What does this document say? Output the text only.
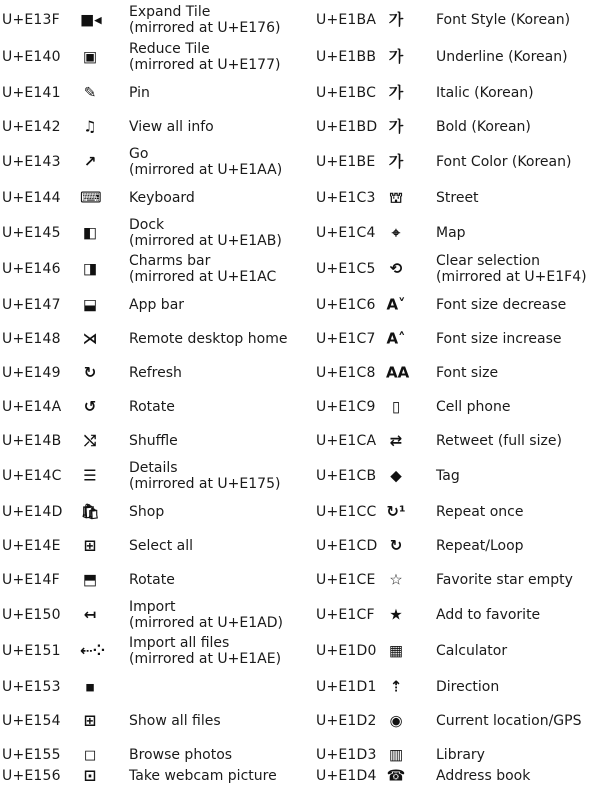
U+E13F ■◂ Expand Tile
(mirrored at U+E176)
U+E140 ▣ Reduce Tile
(mirrored at U+E177)
U+E141 ✎ Pin
U+E142 ♫ View all info
U+E143 ↗ Go
(mirrored at U+E1AA)
U+E144 ⌨ Keyboard
U+E145 ◧ Dock
(mirrored at U+E1AB)
U+E146 ◨ Charms bar
(mirrored at U+E1AC
U+E147 ⬓ App bar
U+E148 ⋊ Remote desktop home
U+E149 ↻ Refresh
U+E14A ↺ Rotate
U+E14B ⤭ Shuffle
U+E14C ☰ Details
(mirrored at U+E175)
U+E14D 🛍 Shop
U+E14E ⊞ Select all
U+E14F ⬒ Rotate
U+E150 ↤ Import
(mirrored at U+E1AD)
U+E151 ⇠⁘ Import all files
(mirrored at U+E1AE)
U+E153	▪
U+E154 ⊞ Show all files
U+E155 ◻ Browse photos
U+E156 ⊡ Take webcam picture
U+E1BA 가 Font Style (Korean)
U+E1BB 가 Underline (Korean)
U+E1BC 가 Italic (Korean)
U+E1BD 가 Bold (Korean)
U+E1BE 가 Font Color (Korean)
U+E1C3 ⛫ Street
U+E1C4	⌖	Map
U+E1C5 ⟲ Clear selection
(mirrored at U+E1F4)
U+E1C6 A˅ Font size decrease
U+E1C7 A˄ Font size increase
U+E1C8 AA Font size
U+E1C9	▯	Cell phone
U+E1CA ⇄ Retweet (full size)
U+E1CB ◆	Tag
U+E1CC ↻¹ Repeat once
U+E1CD ↻ Repeat/Loop
U+E1CE ☆ Favorite star empty
U+E1CF ★ Add to favorite
U+E1D0 ▦ Calculator
U+E1D1 ⇡ Direction
U+E1D2 ◉ Current location/GPS
U+E1D3 ▥ Library
U+E1D4 ☎ Address book
